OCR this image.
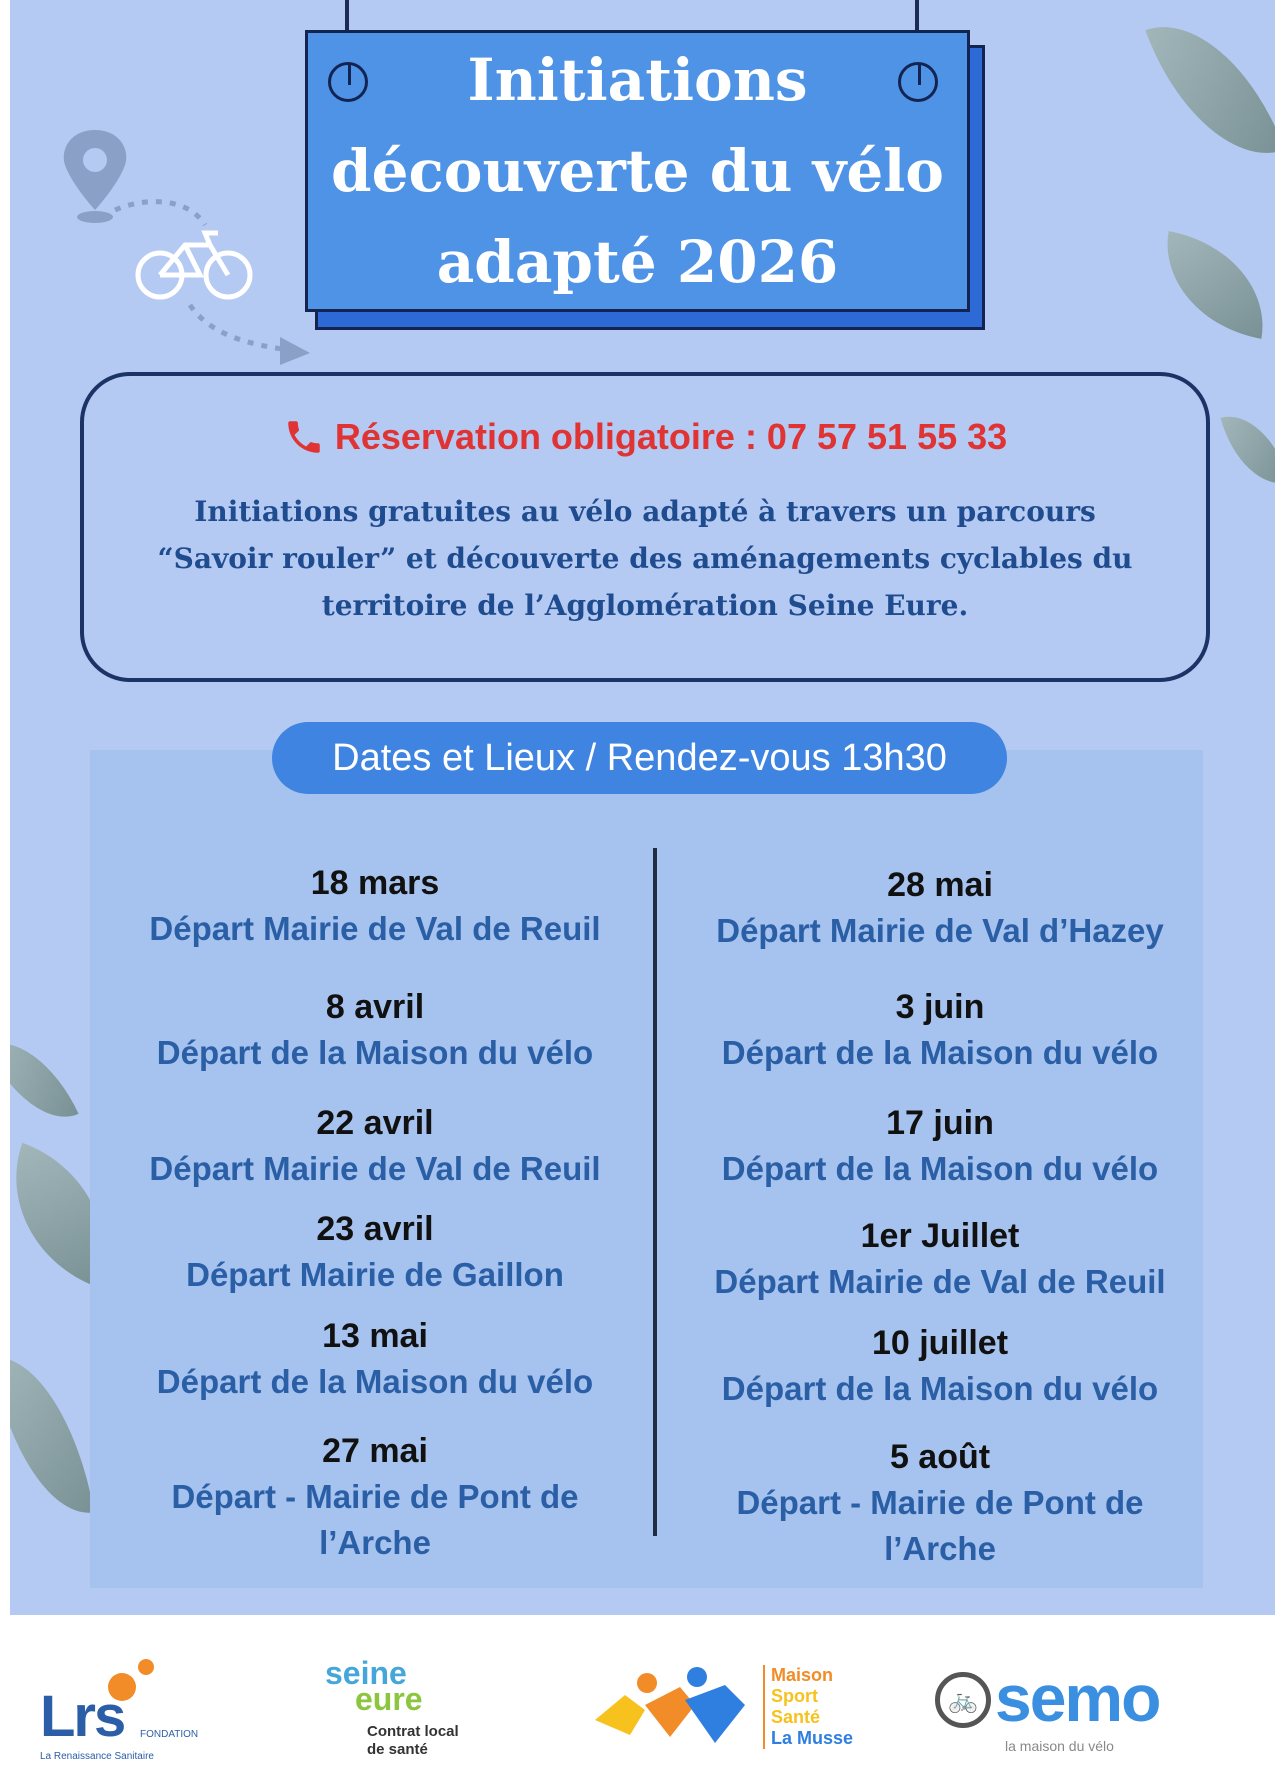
Initiations
découverte du vélo
adapté 2026
Réservation obligatoire : 07 57 51 55 33
Initiations gratuites au vélo adapté à travers un parcours
“Savoir rouler” et découverte des aménagements cyclables du
territoire de l’Agglomération Seine Eure.
Dates et Lieux / Rendez-vous 13h30
18 mars
Départ Mairie de Val de Reuil
8 avril
Départ de la Maison du vélo
22 avril
Départ Mairie de Val de Reuil
23 avril
Départ Mairie de Gaillon
13 mai
Départ de la Maison du vélo
27 mai
Départ - Mairie de Pont de
l’Arche
28 mai
Départ Mairie de Val d’Hazey
3 juin
Départ de la Maison du vélo
17 juin
Départ de la Maison du vélo
1er Juillet
Départ Mairie de Val de Reuil
10 juillet
Départ de la Maison du vélo
5 août
Départ - Mairie de Pont de
l’Arche
Lrs FONDATION
La Renaissance Sanitaire
seine
eure
Contrat local
de santé
Maison
Sport
Santé
La Musse
🚲 semo
la maison du vélo
